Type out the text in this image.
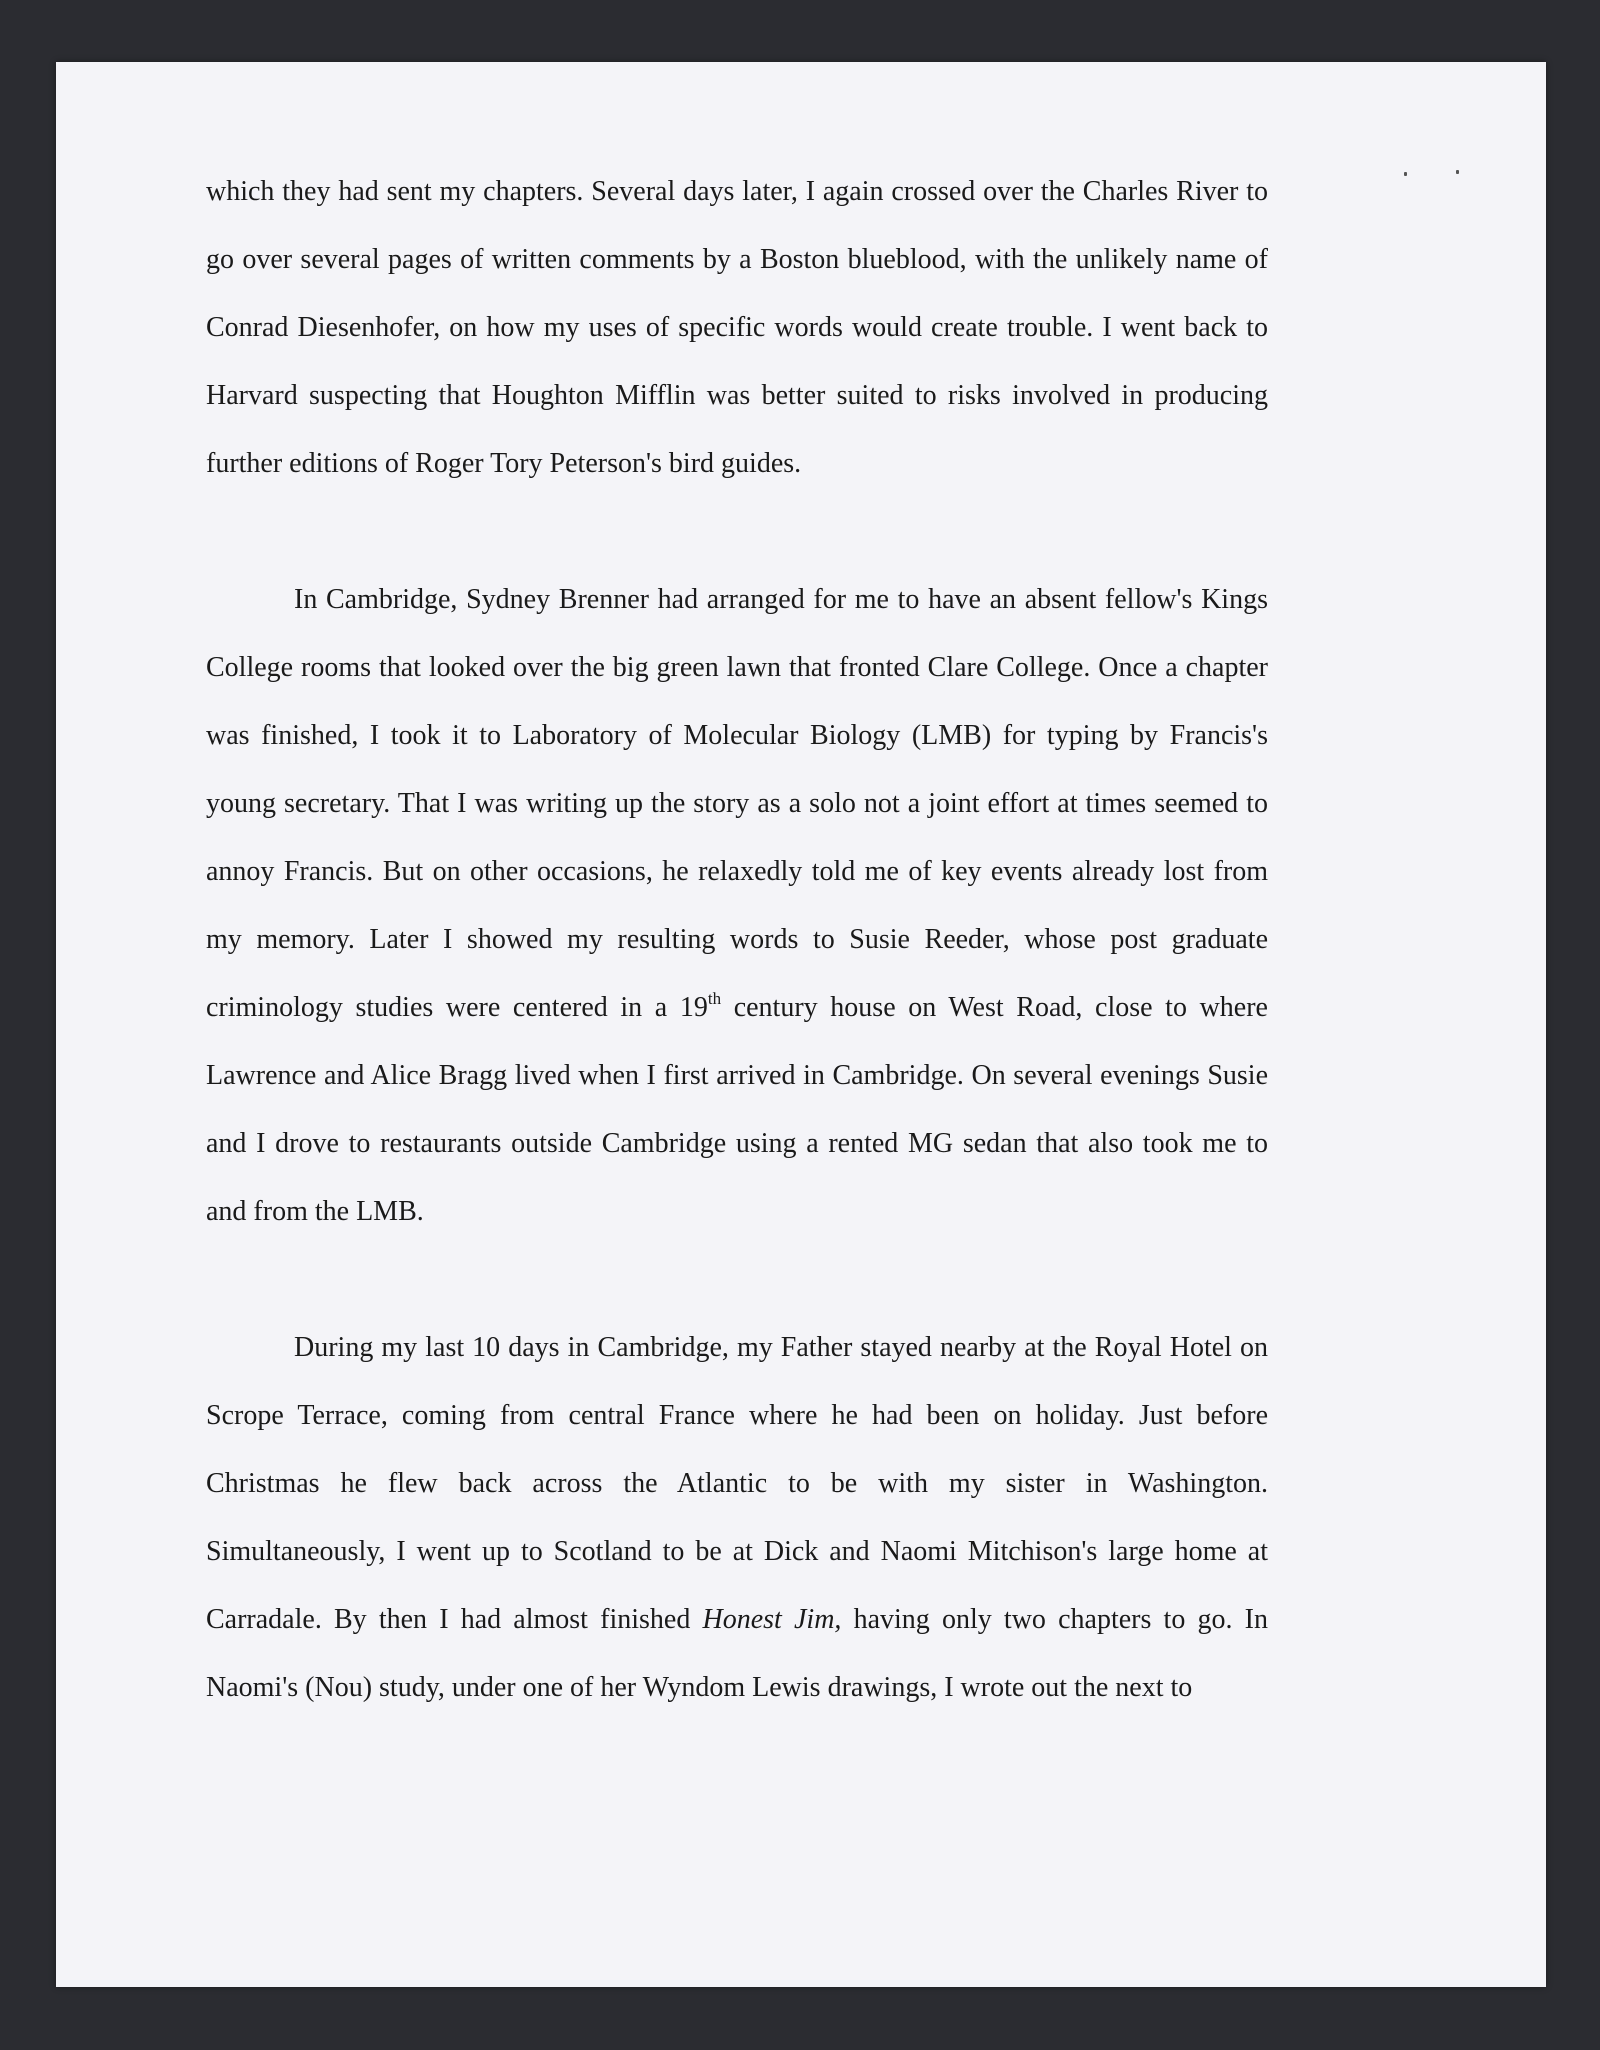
which they had sent my chapters. Several days later, I again crossed over the Charles River to go over several pages of written comments by a Boston blueblood, with the unlikely name of Conrad Diesenhofer, on how my uses of specific words would create trouble. I went back to Harvard suspecting that Houghton Mifflin was better suited to risks involved in producing further editions of Roger Tory Peterson's bird guides.

In Cambridge, Sydney Brenner had arranged for me to have an absent fellow's Kings College rooms that looked over the big green lawn that fronted Clare College. Once a chapter was finished, I took it to Laboratory of Molecular Biology (LMB) for typing by Francis's young secretary. That I was writing up the story as a solo not a joint effort at times seemed to annoy Francis. But on other occasions, he relaxedly told me of key events already lost from my memory. Later I showed my resulting words to Susie Reeder, whose post graduate criminology studies were centered in a 19th century house on West Road, close to where Lawrence and Alice Bragg lived when I first arrived in Cambridge. On several evenings Susie and I drove to restaurants outside Cambridge using a rented MG sedan that also took me to and from the LMB.

During my last 10 days in Cambridge, my Father stayed nearby at the Royal Hotel on Scrope Terrace, coming from central France where he had been on holiday. Just before Christmas he flew back across the Atlantic to be with my sister in Washington. Simultaneously, I went up to Scotland to be at Dick and Naomi Mitchison's large home at Carradale. By then I had almost finished Honest Jim, having only two chapters to go. In Naomi's (Nou) study, under one of her Wyndom Lewis drawings, I wrote out the next to
